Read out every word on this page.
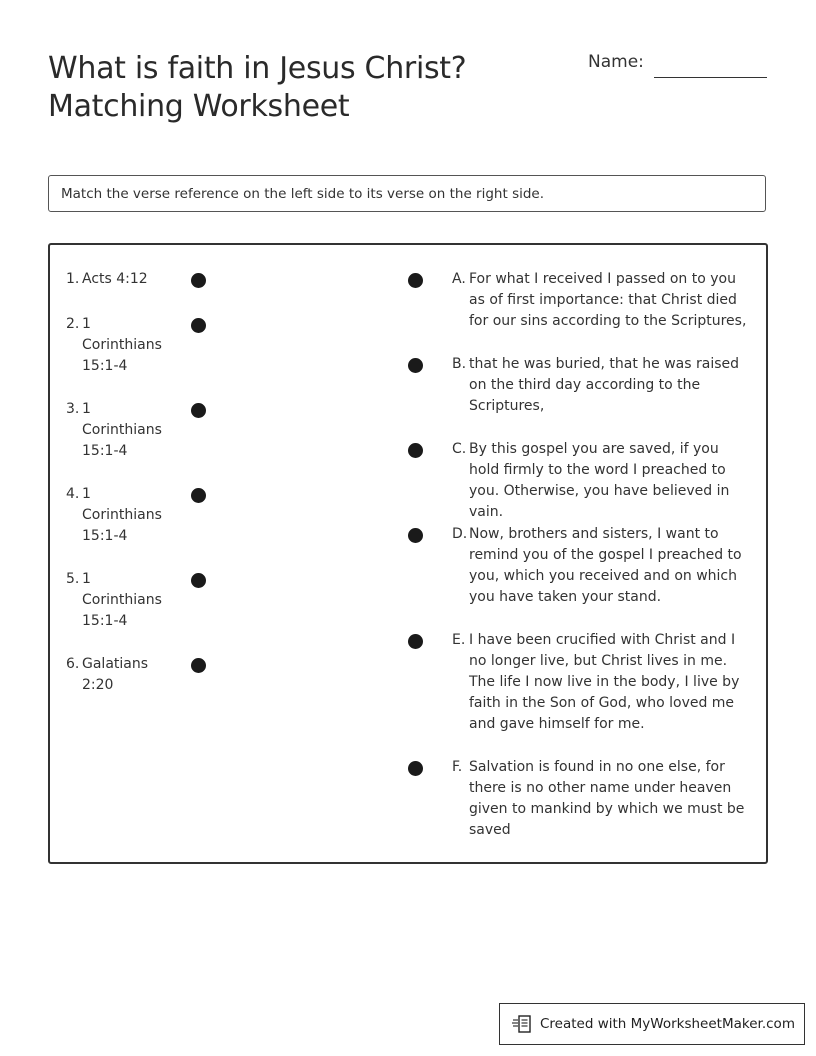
What is faith in Jesus Christ?
Matching Worksheet
Name:
Match the verse reference on the left side to its verse on the right side.
1. Acts 4:12
2. 1 Corinthians 15:1-4
3. 1 Corinthians 15:1-4
4. 1 Corinthians 15:1-4
5. 1 Corinthians 15:1-4
6. Galatians 2:20
A. For what I received I passed on to you as of first importance: that Christ died for our sins according to the Scriptures,
B. that he was buried, that he was raised on the third day according to the Scriptures,
C. By this gospel you are saved, if you hold firmly to the word I preached to you. Otherwise, you have believed in vain.
D. Now, brothers and sisters, I want to remind you of the gospel I preached to you, which you received and on which you have taken your stand.
E. I have been crucified with Christ and I no longer live, but Christ lives in me. The life I now live in the body, I live by faith in the Son of God, who loved me and gave himself for me.
F. Salvation is found in no one else, for there is no other name under heaven given to mankind by which we must be saved
Created with MyWorksheetMaker.com
